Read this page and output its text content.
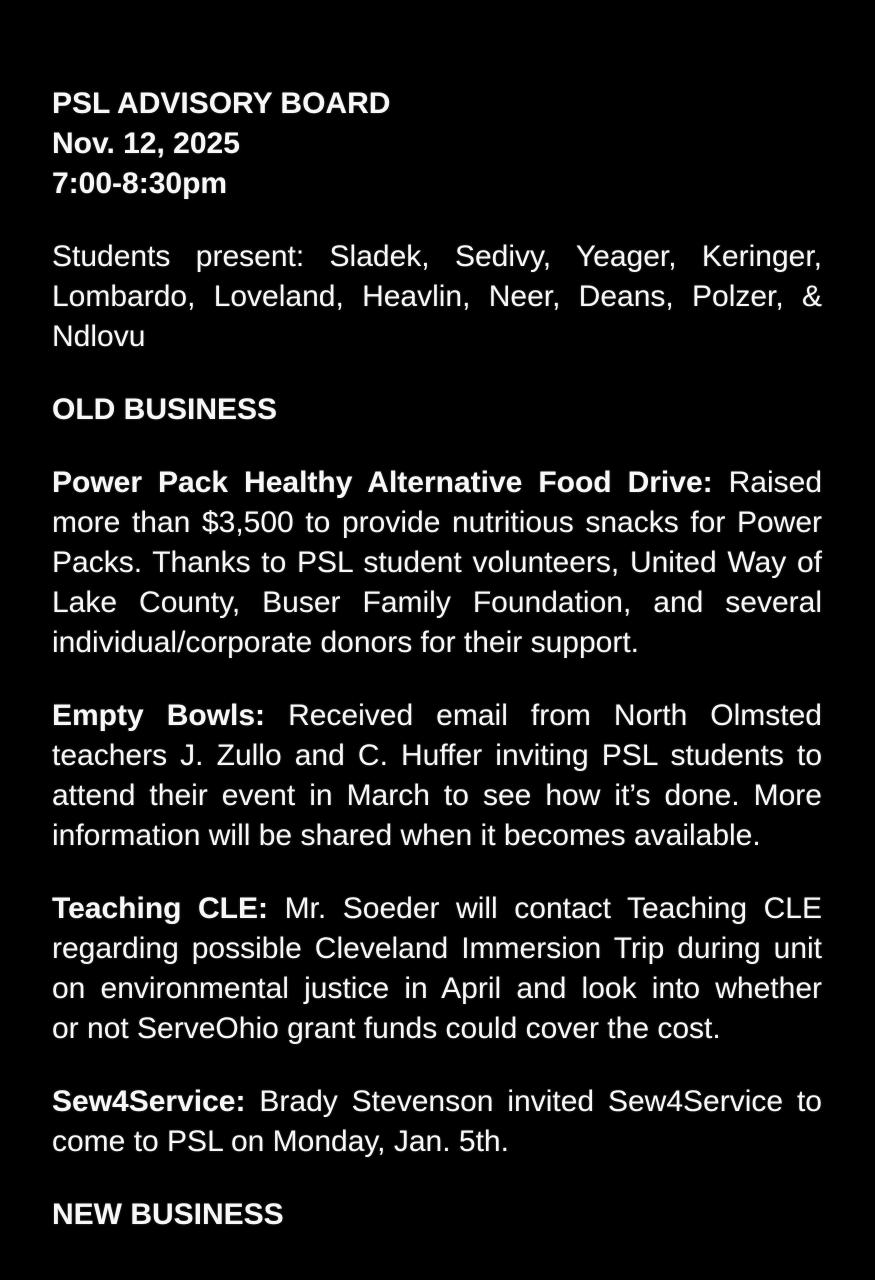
PSL ADVISORY BOARD
Nov. 12, 2025
7:00-8:30pm
Students present: Sladek, Sedivy, Yeager, Keringer,
Lombardo, Loveland, Heavlin, Neer, Deans, Polzer, &
Ndlovu
OLD BUSINESS
Power Pack Healthy Alternative Food Drive: Raised
more than $3,500 to provide nutritious snacks for Power
Packs. Thanks to PSL student volunteers, United Way of
Lake County, Buser Family Foundation, and several
individual/corporate donors for their support.
Empty Bowls: Received email from North Olmsted
teachers J. Zullo and C. Huffer inviting PSL students to
attend their event in March to see how it’s done. More
information will be shared when it becomes available.
Teaching CLE: Mr. Soeder will contact Teaching CLE
regarding possible Cleveland Immersion Trip during unit
on environmental justice in April and look into whether
or not ServeOhio grant funds could cover the cost.
Sew4Service: Brady Stevenson invited Sew4Service to
come to PSL on Monday, Jan. 5th.
NEW BUSINESS
